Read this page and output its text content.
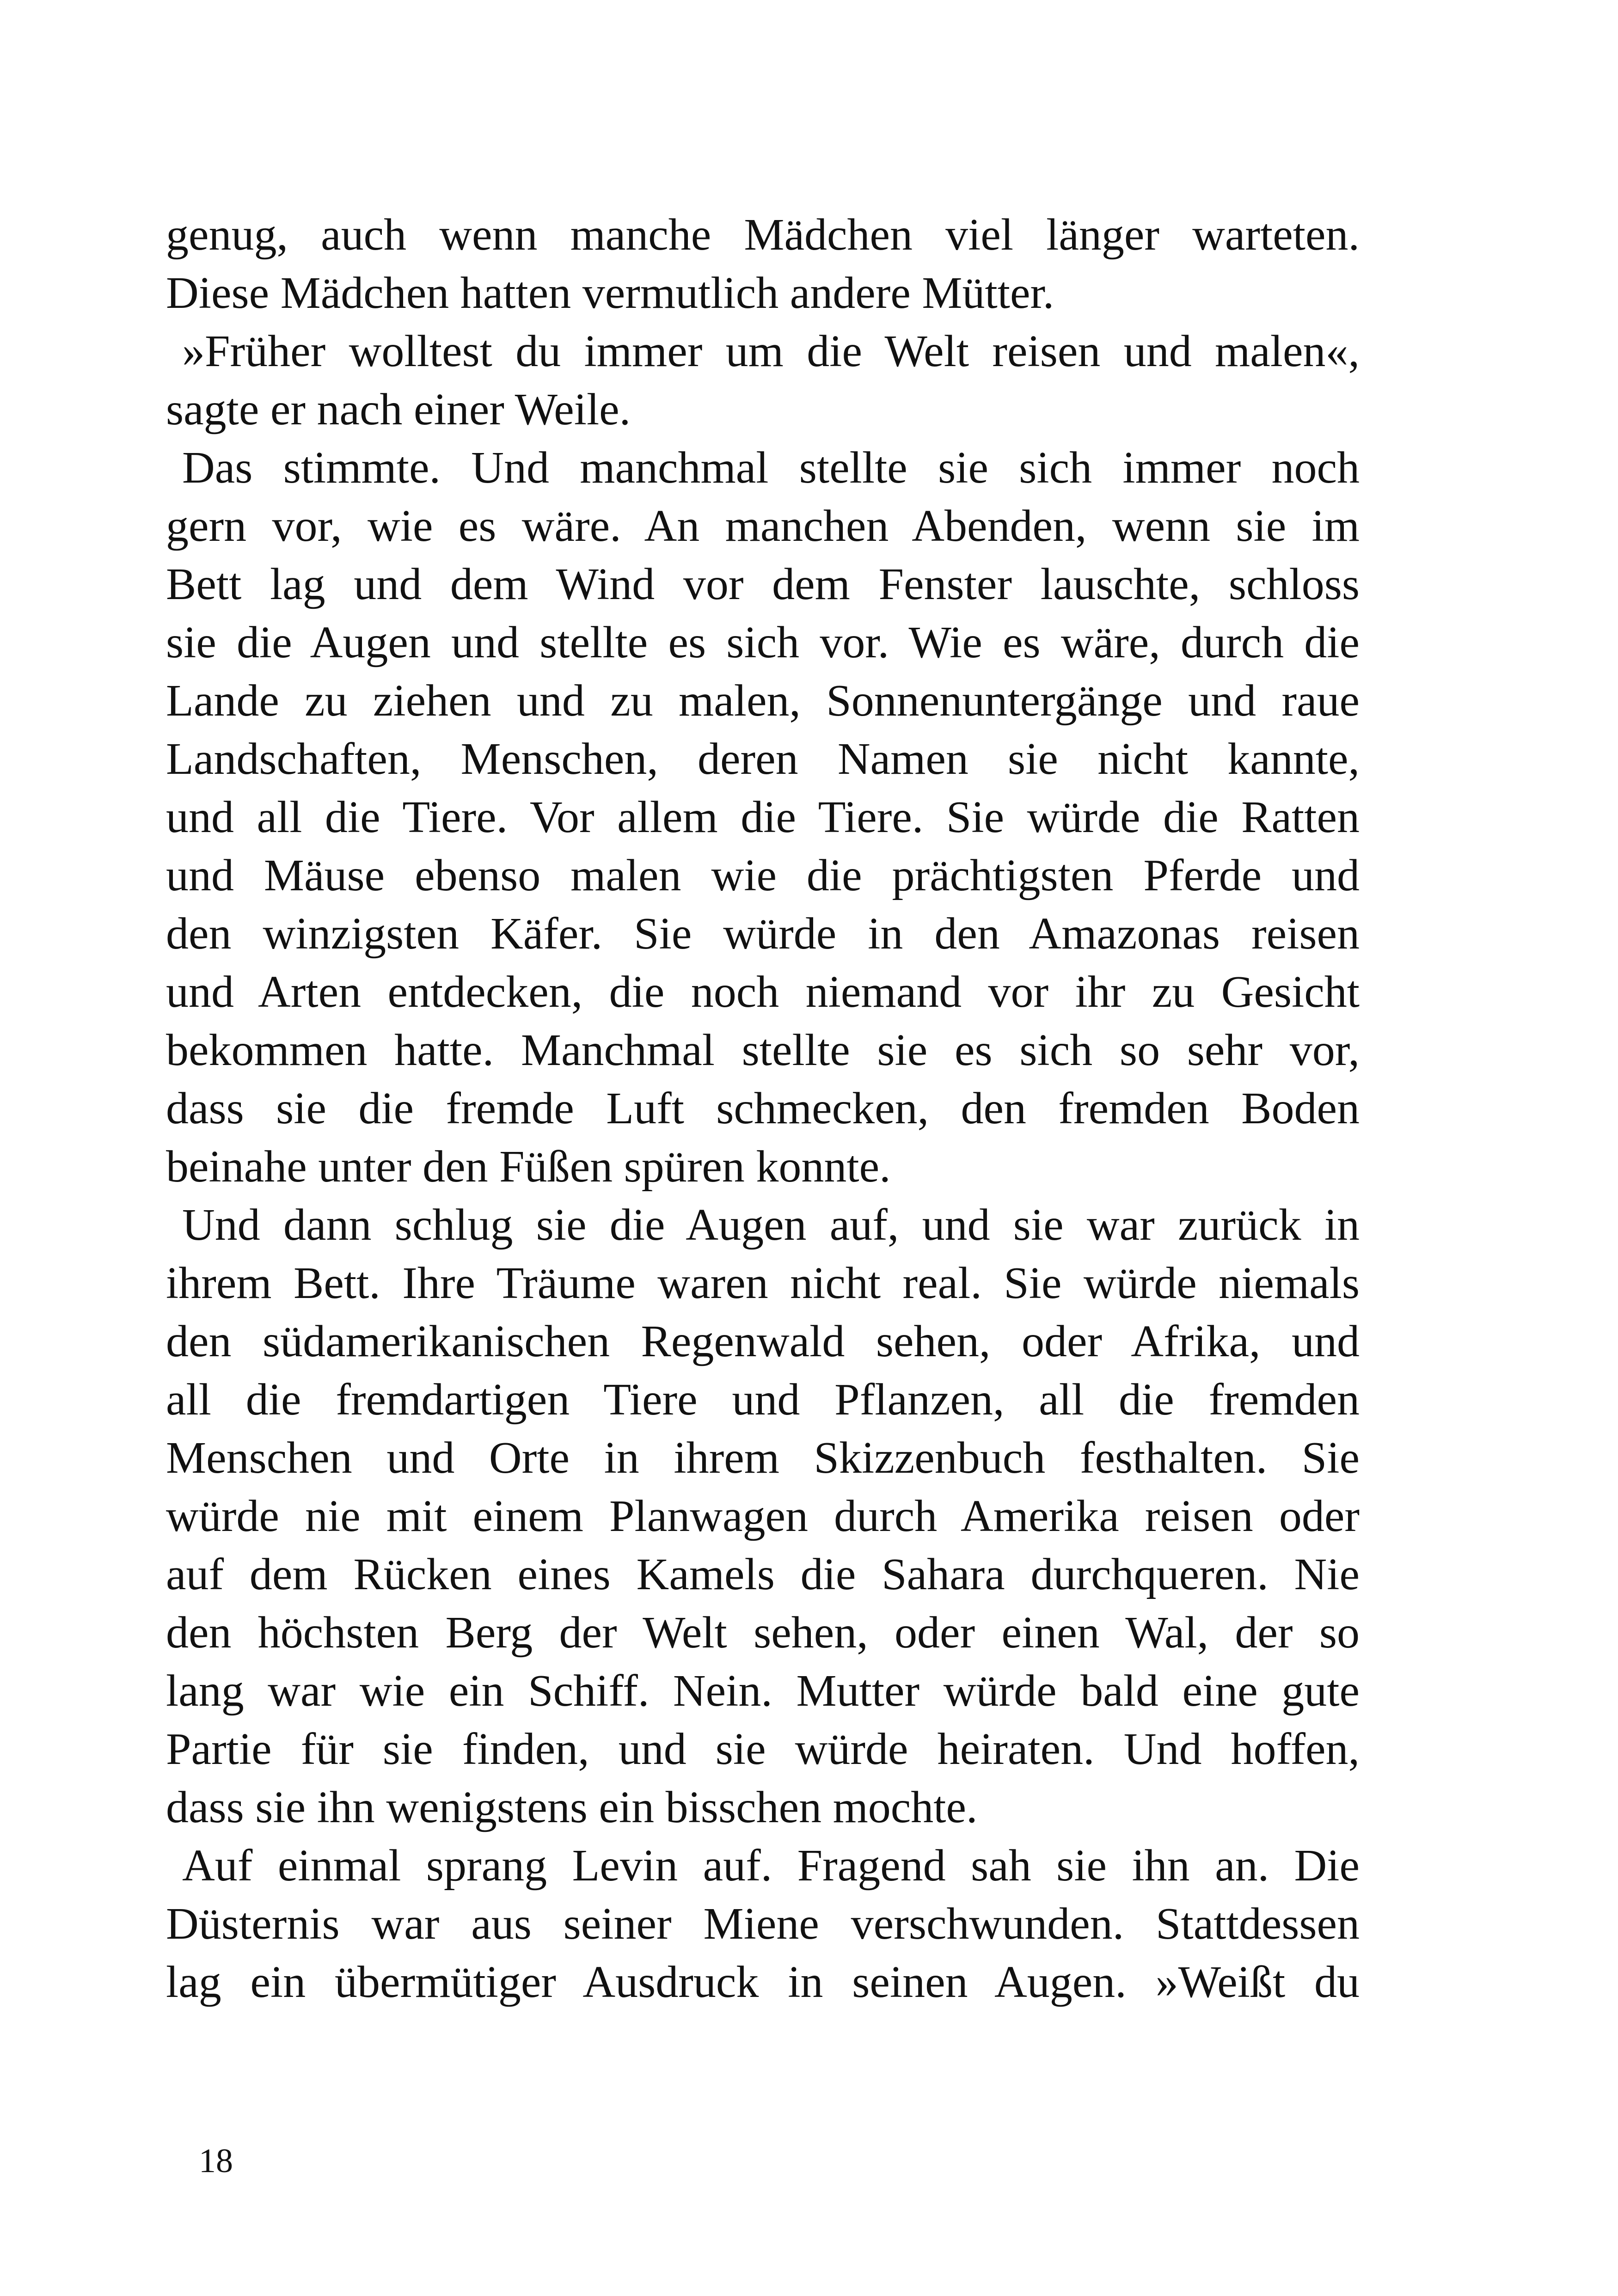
genug, auch wenn manche Mädchen viel länger warteten.
Diese Mädchen hatten vermutlich andere Mütter.
»Früher wolltest du immer um die Welt reisen und malen«,
sagte er nach einer Weile.
Das stimmte. Und manchmal stellte sie sich immer noch
gern vor, wie es wäre. An manchen Abenden, wenn sie im
Bett lag und dem Wind vor dem Fenster lauschte, schloss
sie die Augen und stellte es sich vor. Wie es wäre, durch die
Lande zu ziehen und zu malen, Sonnenuntergänge und raue
Landschaften, Menschen, deren Namen sie nicht kannte,
und all die Tiere. Vor allem die Tiere. Sie würde die Ratten
und Mäuse ebenso malen wie die prächtigsten Pferde und
den winzigsten Käfer. Sie würde in den Amazonas reisen
und Arten entdecken, die noch niemand vor ihr zu Gesicht
bekommen hatte. Manchmal stellte sie es sich so sehr vor,
dass sie die fremde Luft schmecken, den fremden Boden
beinahe unter den Füßen spüren konnte.
Und dann schlug sie die Augen auf, und sie war zurück in
ihrem Bett. Ihre Träume waren nicht real. Sie würde niemals
den südamerikanischen Regenwald sehen, oder Afrika, und
all die fremdartigen Tiere und Pflanzen, all die fremden
Menschen und Orte in ihrem Skizzenbuch festhalten. Sie
würde nie mit einem Planwagen durch Amerika reisen oder
auf dem Rücken eines Kamels die Sahara durchqueren. Nie
den höchsten Berg der Welt sehen, oder einen Wal, der so
lang war wie ein Schiff. Nein. Mutter würde bald eine gute
Partie für sie finden, und sie würde heiraten. Und hoffen,
dass sie ihn wenigstens ein bisschen mochte.
Auf einmal sprang Levin auf. Fragend sah sie ihn an. Die
Düsternis war aus seiner Miene verschwunden. Stattdessen
lag ein übermütiger Ausdruck in seinen Augen. »Weißt du
18
